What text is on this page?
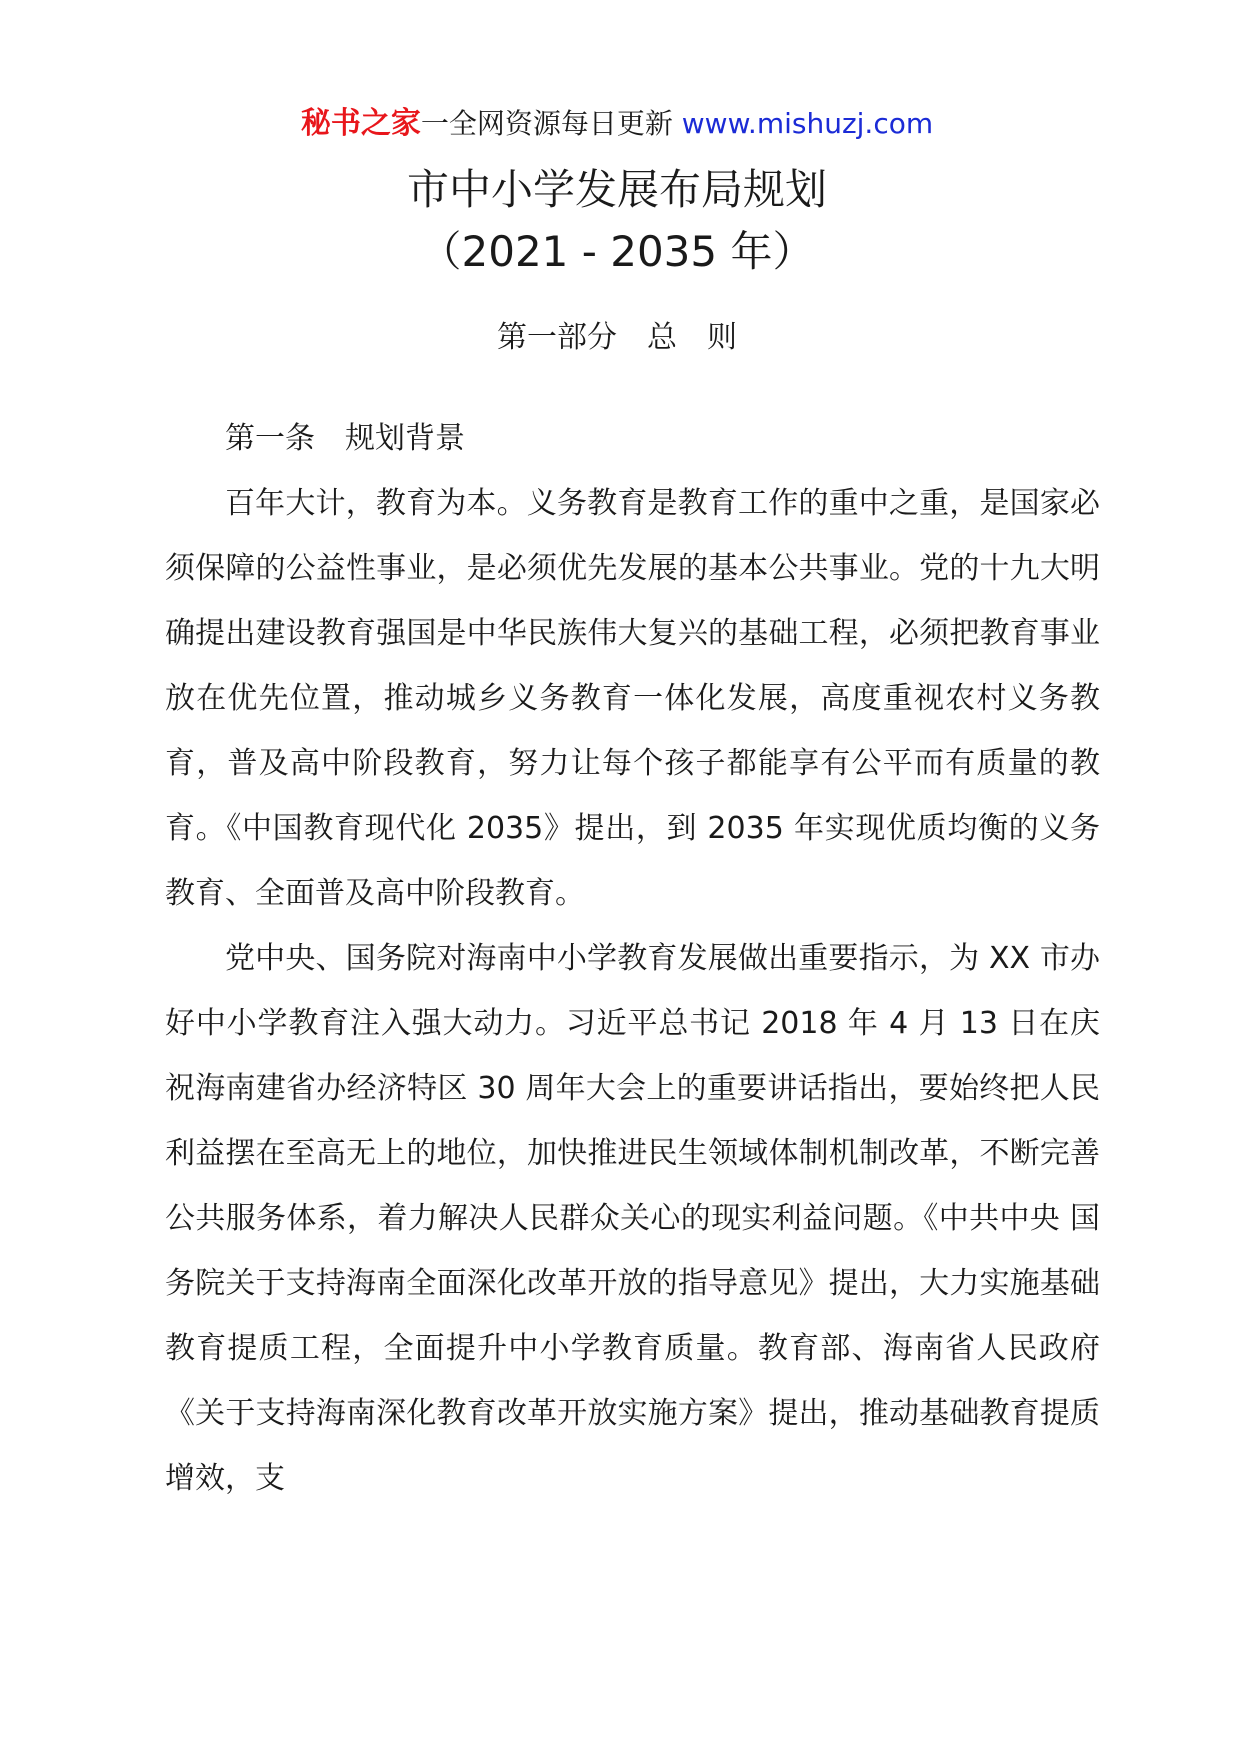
秘书之家一全网资源每日更新 www.mishuzj.com
市中小学发展布局规划
（2021 - 2035 年）
第一部分　总　则
第一条　规划背景

百年大计，教育为本。义务教育是教育工作的重中之重，是国家必须保障的公益性事业，是必须优先发展的基本公共事业。党的十九大明确提出建设教育强国是中华民族伟大复兴的基础工程，必须把教育事业放在优先位置，推动城乡义务教育一体化发展，高度重视农村义务教育，普及高中阶段教育，努力让每个孩子都能享有公平而有质量的教育。《中国教育现代化 2035》提出，到 2035 年实现优质均衡的义务教育、全面普及高中阶段教育。

党中央、国务院对海南中小学教育发展做出重要指示，为 XX 市办好中小学教育注入强大动力。习近平总书记 2018 年 4 月 13 日在庆祝海南建省办经济特区 30 周年大会上的重要讲话指出，要始终把人民利益摆在至高无上的地位，加快推进民生领域体制机制改革，不断完善公共服务体系，着力解决人民群众关心的现实利益问题。《中共中央 国务院关于支持海南全面深化改革开放的指导意见》提出，大力实施基础教育提质工程，全面提升中小学教育质量。教育部、海南省人民政府《关于支持海南深化教育改革开放实施方案》提出，推动基础教育提质增效，支
